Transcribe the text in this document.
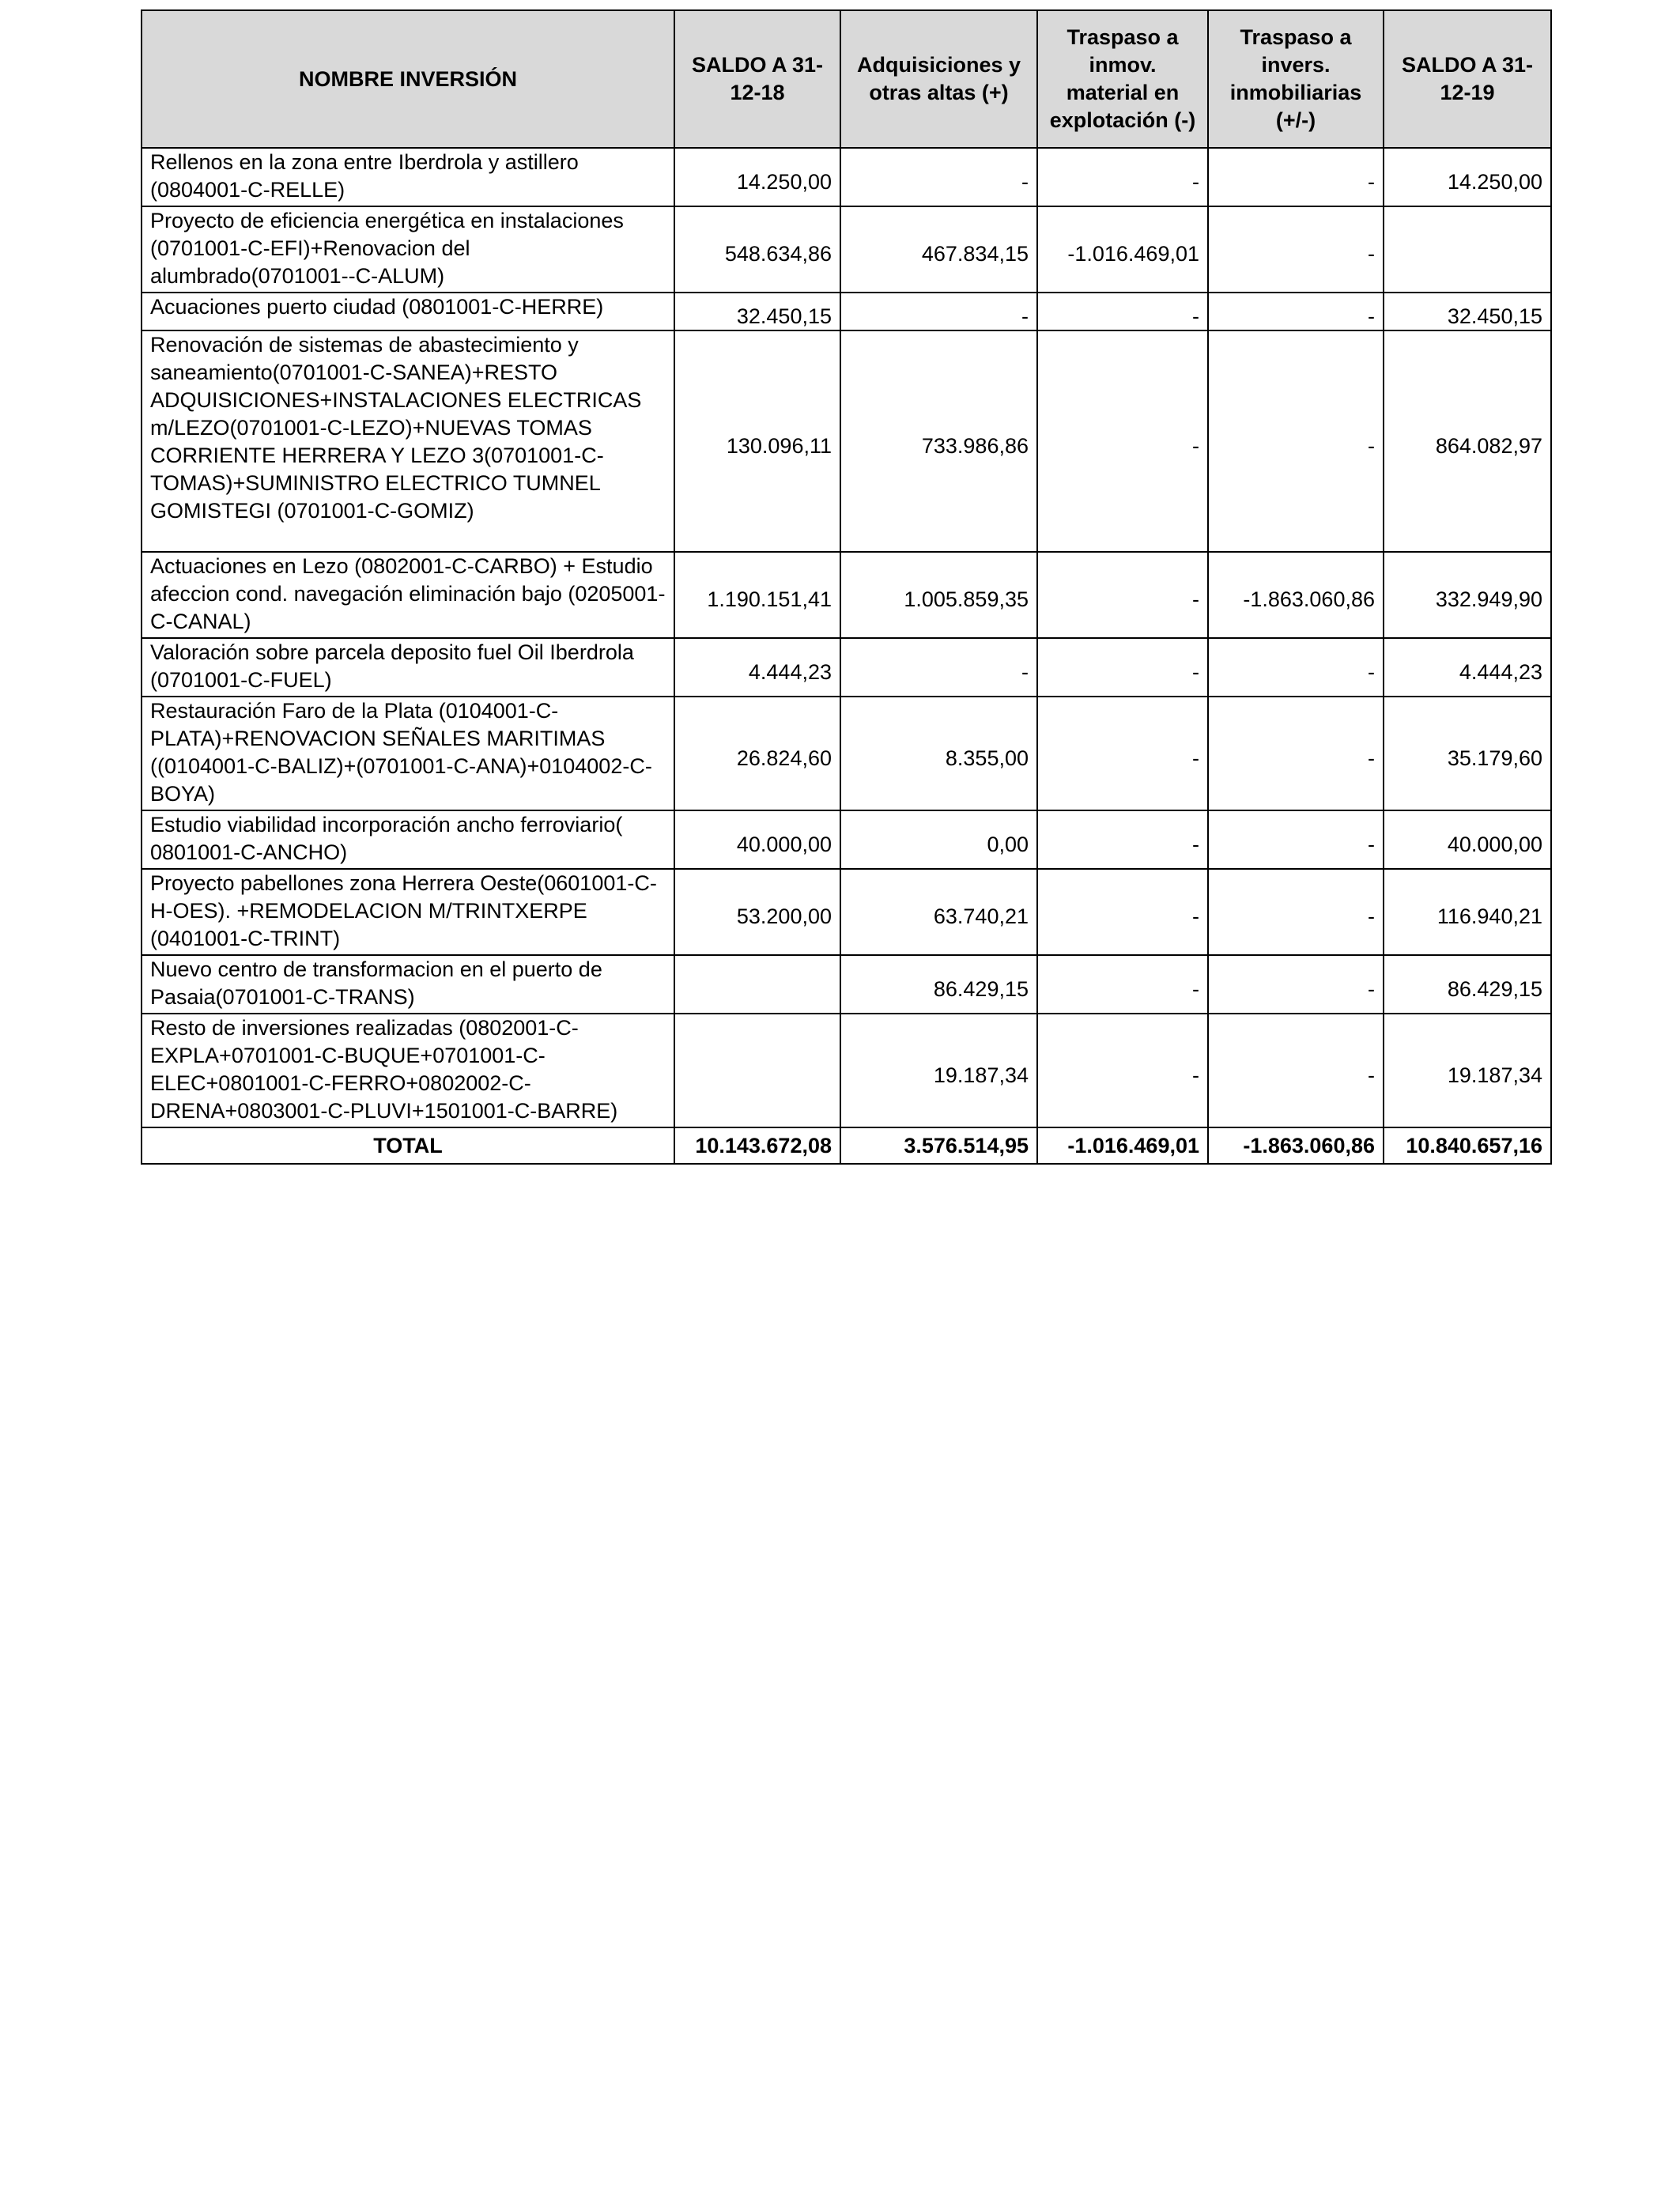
NOMBRE INVERSIÓN	SALDO A 31-12-18	Adquisiciones y otras altas (+)	Traspaso a inmov. material en explotación (-)	Traspaso a invers. inmobiliarias (+/-)	SALDO A 31-12-19
Rellenos en la zona entre Iberdrola y astillero (0804001-C-RELLE)	14.250,00	-	-	-	14.250,00
Proyecto de eficiencia energética en instalaciones (0701001-C-EFI)+Renovacion del alumbrado(0701001--C-ALUM)	548.634,86	467.834,15	-1.016.469,01	-	
Acuaciones puerto ciudad (0801001-C-HERRE)	32.450,15	-	-	-	32.450,15
Renovación de sistemas de abastecimiento y saneamiento(0701001-C-SANEA)+RESTO ADQUISICIONES+INSTALACIONES ELECTRICAS m/LEZO(0701001-C-LEZO)+NUEVAS TOMAS CORRIENTE HERRERA Y LEZO 3(0701001-C-TOMAS)+SUMINISTRO ELECTRICO TUMNEL GOMISTEGI (0701001-C-GOMIZ)	130.096,11	733.986,86	-	-	864.082,97
Actuaciones en Lezo (0802001-C-CARBO) + Estudio afeccion cond. navegación eliminación bajo (0205001-C-CANAL)	1.190.151,41	1.005.859,35	-	-1.863.060,86	332.949,90
Valoración sobre parcela deposito fuel Oil Iberdrola (0701001-C-FUEL)	4.444,23	-	-	-	4.444,23
Restauración Faro de la Plata (0104001-C-PLATA)+RENOVACION SEÑALES MARITIMAS ((0104001-C-BALIZ)+(0701001-C-ANA)+0104002-C-BOYA)	26.824,60	8.355,00	-	-	35.179,60
Estudio viabilidad incorporación ancho ferroviario( 0801001-C-ANCHO)	40.000,00	0,00	-	-	40.000,00
Proyecto pabellones zona Herrera Oeste(0601001-C-H-OES). +REMODELACION M/TRINTXERPE (0401001-C-TRINT)	53.200,00	63.740,21	-	-	116.940,21
Nuevo centro de transformacion en el puerto de Pasaia(0701001-C-TRANS)		86.429,15	-	-	86.429,15
Resto de inversiones realizadas (0802001-C-EXPLA+0701001-C-BUQUE+0701001-C-ELEC+0801001-C-FERRO+0802002-C-DRENA+0803001-C-PLUVI+1501001-C-BARRE)		19.187,34	-	-	19.187,34
TOTAL	10.143.672,08	3.576.514,95	-1.016.469,01	-1.863.060,86	10.840.657,16
